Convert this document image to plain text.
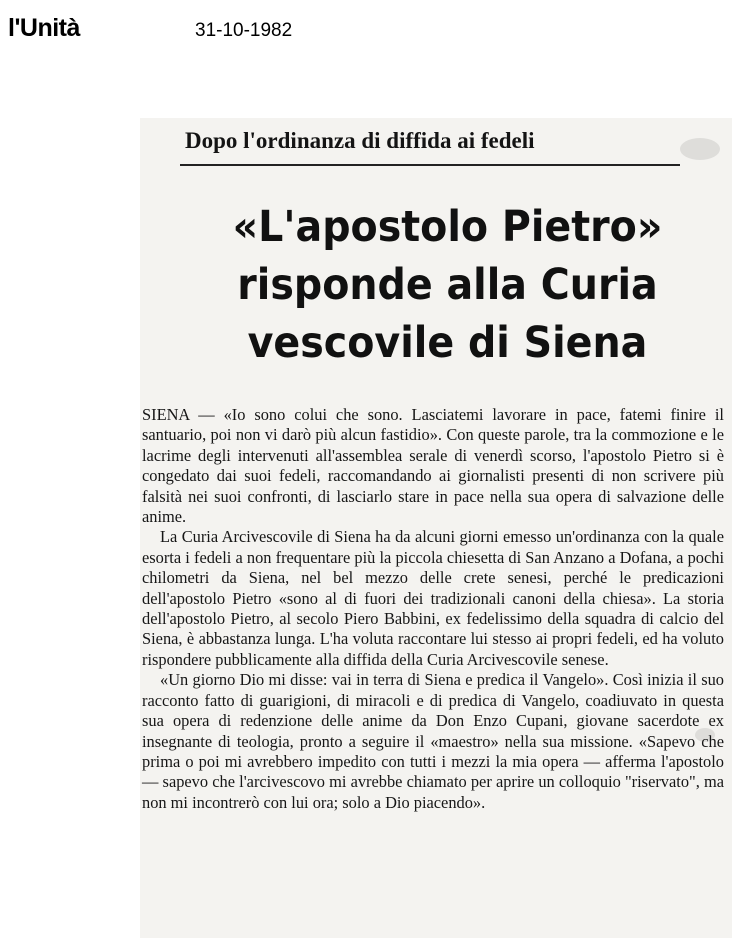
l'Unità	31-10-1982
Dopo l'ordinanza di diffida ai fedeli
«L'apostolo Pietro»
risponde alla Curia
vescovile di Siena

SIENA — «Io sono colui che sono. Lasciatemi lavorare in pace, fatemi finire il santuario, poi non vi darò più alcun fastidio». Con queste parole, tra la commozione e le lacrime degli intervenuti all'assemblea serale di venerdì scorso, l'apostolo Pietro si è congedato dai suoi fedeli, raccomandando ai giornalisti presenti di non scrivere più falsità nei suoi confronti, di lasciarlo stare in pace nella sua opera di salvazione delle anime.

La Curia Arcivescovile di Siena ha da alcuni giorni emesso un'ordinanza con la quale esorta i fedeli a non frequentare più la piccola chiesetta di San Anzano a Dofana, a pochi chilometri da Siena, nel bel mezzo delle crete senesi, perché le predicazioni dell'apostolo Pietro «sono al di fuori dei tradizionali canoni della chiesa». La storia dell'apostolo Pietro, al secolo Piero Babbini, ex fedelissimo della squadra di calcio del Siena, è abbastanza lunga. L'ha voluta raccontare lui stesso ai propri fedeli, ed ha voluto rispondere pubblicamente alla diffida della Curia Arcivescovile senese.

«Un giorno Dio mi disse: vai in terra di Siena e predica il Vangelo». Così inizia il suo racconto fatto di guarigioni, di miracoli e di predica di Vangelo, coadiuvato in questa sua opera di redenzione delle anime da Don Enzo Cupani, giovane sacerdote ex insegnante di teologia, pronto a seguire il «maestro» nella sua missione. «Sapevo che prima o poi mi avrebbero impedito con tutti i mezzi la mia opera — afferma l'apostolo — sapevo che l'arcivescovo mi avrebbe chiamato per aprire un colloquio "riservato", ma non mi incontrerò con lui ora; solo a Dio piacendo».
